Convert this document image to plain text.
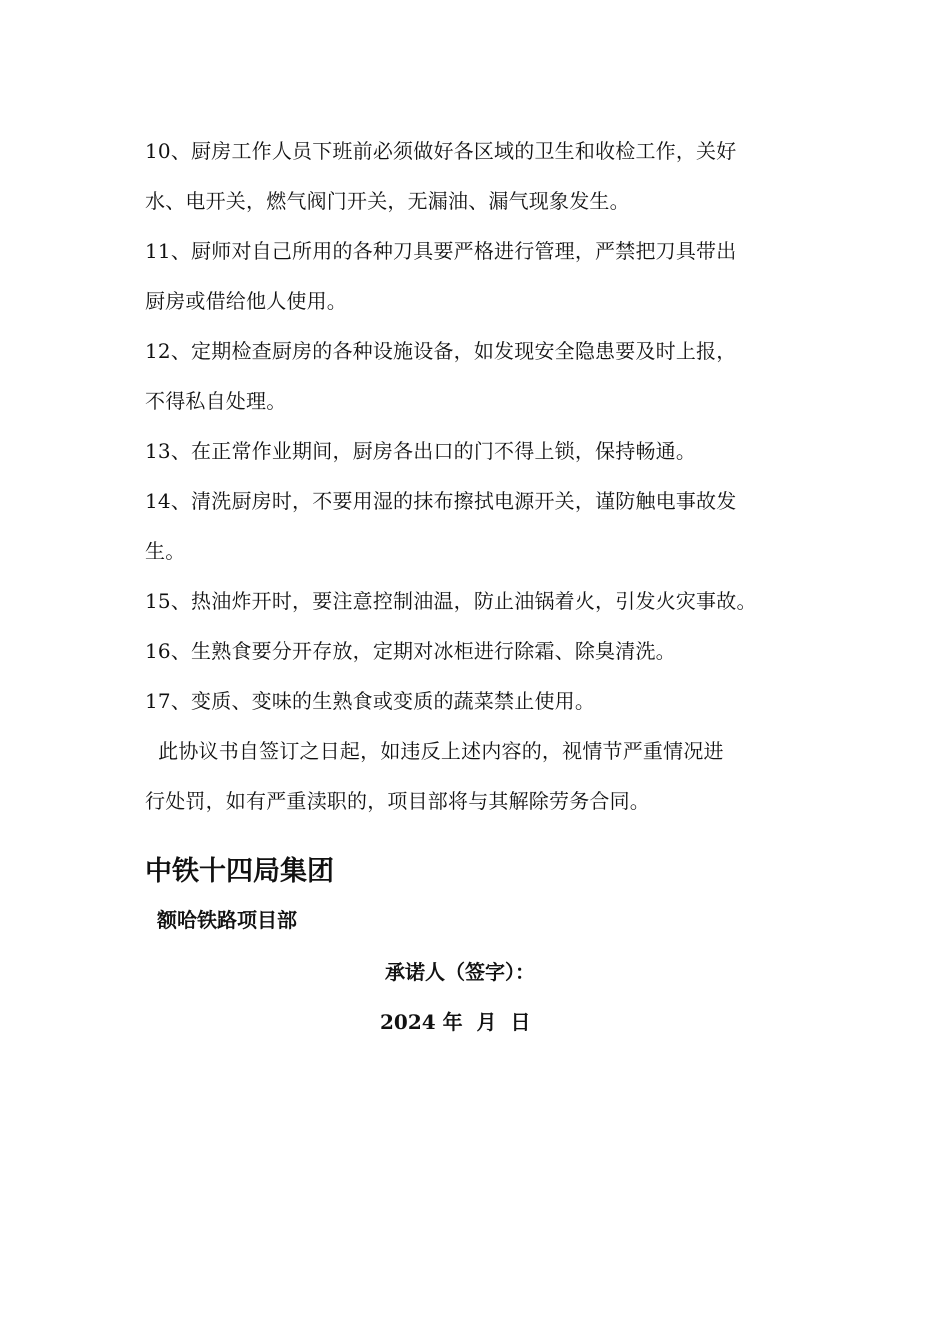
10、厨房工作人员下班前必须做好各区域的卫生和收检工作，关好
水、电开关，燃气阀门开关，无漏油、漏气现象发生。
11、厨师对自己所用的各种刀具要严格进行管理，严禁把刀具带出
厨房或借给他人使用。
12、定期检查厨房的各种设施设备，如发现安全隐患要及时上报，
不得私自处理。
13、在正常作业期间，厨房各出口的门不得上锁，保持畅通。
14、清洗厨房时，不要用湿的抹布擦拭电源开关，谨防触电事故发
生。
15、热油炸开时，要注意控制油温，防止油锅着火，引发火灾事故。
16、生熟食要分开存放，定期对冰柜进行除霜、除臭清洗。
17、变质、变味的生熟食或变质的蔬菜禁止使用。
此协议书自签订之日起，如违反上述内容的，视情节严重情况进
行处罚，如有严重渎职的，项目部将与其解除劳务合同。
中铁十四局集团
额哈铁路项目部
承诺人（签字）：
2024 年  月  日
